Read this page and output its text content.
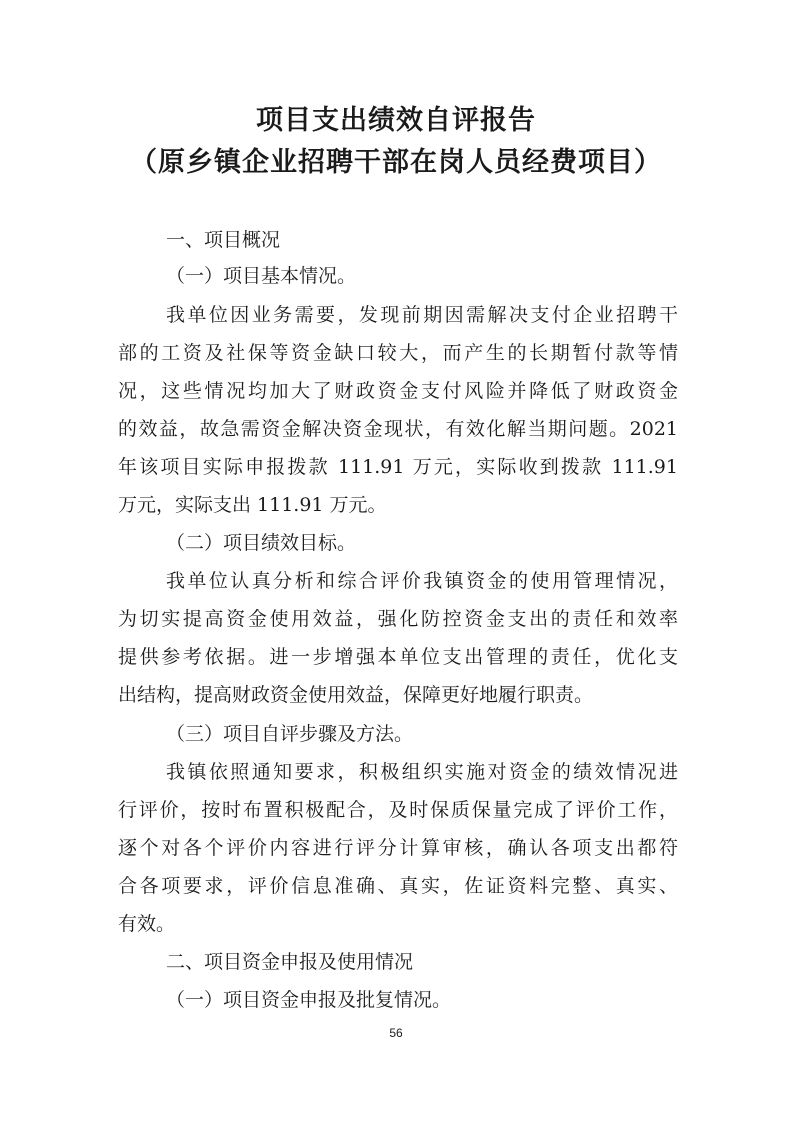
项目支出绩效自评报告
（原乡镇企业招聘干部在岗人员经费项目）

一、项目概况

（一）项目基本情况。

我单位因业务需要，发现前期因需解决支付企业招聘干

部的工资及社保等资金缺口较大，而产生的长期暂付款等情

况，这些情况均加大了财政资金支付风险并降低了财政资金

的效益，故急需资金解决资金现状，有效化解当期问题。2021

年该项目实际申报拨款 111.91 万元，实际收到拨款 111.91

万元，实际支出 111.91 万元。

（二）项目绩效目标。

我单位认真分析和综合评价我镇资金的使用管理情况，

为切实提高资金使用效益，强化防控资金支出的责任和效率

提供参考依据。进一步增强本单位支出管理的责任，优化支

出结构，提高财政资金使用效益，保障更好地履行职责。

（三）项目自评步骤及方法。

我镇依照通知要求，积极组织实施对资金的绩效情况进

行评价，按时布置积极配合，及时保质保量完成了评价工作，

逐个对各个评价内容进行评分计算审核，确认各项支出都符

合各项要求，评价信息准确、真实，佐证资料完整、真实、

有效。

二、项目资金申报及使用情况

（一）项目资金申报及批复情况。

56
